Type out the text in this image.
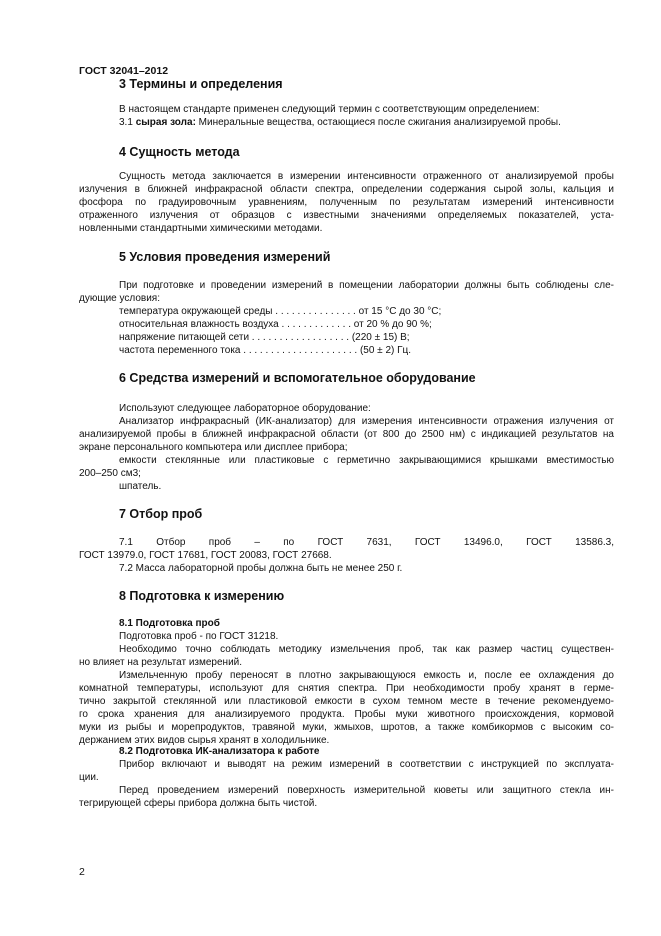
ГОСТ 32041–2012
3 Термины и определения
В настоящем стандарте применен следующий термин с соответствующим определением:
3.1 сырая зола: Минеральные вещества, остающиеся после сжигания анализируемой пробы.
4 Сущность метода
Сущность метода заключается в измерении интенсивности отраженного от анализируемой пробы
излучения в ближней инфракрасной области спектра, определении содержания сырой золы, кальция и
фосфора по градуировочным уравнениям, полученным по результатам измерений интенсивности
отраженного излучения от образцов с известными значениями определяемых показателей, уста-
новленными стандартными химическими методами.
5 Условия проведения измерений
При подготовке и проведении измерений в помещении лаборатории должны быть соблюдены сле-
дующие условия:
температура окружающей среды . . . . . . . . . . . . . . . от 15 °С до 30 °С;
относительная влажность воздуха . . . . . . . . . . . . . от 20 % до 90 %;
напряжение питающей сети . . . . . . . . . . . . . . . . . . (220 ± 15) В;
частота переменного тока . . . . . . . . . . . . . . . . . . . . . (50 ± 2) Гц.
6 Средства измерений и вспомогательное оборудование
Используют следующее лабораторное оборудование:
Анализатор инфракрасный (ИК-анализатор) для измерения интенсивности отражения излучения от
анализируемой пробы в ближней инфракрасной области (от 800 до 2500 нм) с индикацией результатов на
экране персонального компьютера или дисплее прибора;
емкости стеклянные или пластиковые с герметично закрывающимися крышками вместимостью
200–250 см3;
шпатель.
7 Отбор проб
7.1 Отбор проб – по ГОСТ 7631, ГОСТ 13496.0, ГОСТ 13586.3,
ГОСТ 13979.0, ГОСТ 17681, ГОСТ 20083, ГОСТ 27668.
7.2 Масса лабораторной пробы должна быть не менее 250 г.
8 Подготовка к измерению
8.1 Подготовка проб
Подготовка проб - по ГОСТ 31218.
Необходимо точно соблюдать методику измельчения проб, так как размер частиц существен-
но влияет на результат измерений.
Измельченную пробу переносят в плотно закрывающуюся емкость и, после ее охлаждения до
комнатной температуры, используют для снятия спектра. При необходимости пробу хранят в герме-
тично закрытой стеклянной или пластиковой емкости в сухом темном месте в течение рекомендуемо-
го срока хранения для анализируемого продукта. Пробы муки животного происхождения, кормовой
муки из рыбы и морепродуктов, травяной муки, жмыхов, шротов, а также комбикормов с высоким со-
держанием этих видов сырья хранят в холодильнике.
8.2 Подготовка ИК-анализатора к работе
Прибор включают и выводят на режим измерений в соответствии с инструкцией по эксплуата-
ции.
Перед проведением измерений поверхность измерительной кюветы или защитного стекла ин-
тегрирующей сферы прибора должна быть чистой.
2
